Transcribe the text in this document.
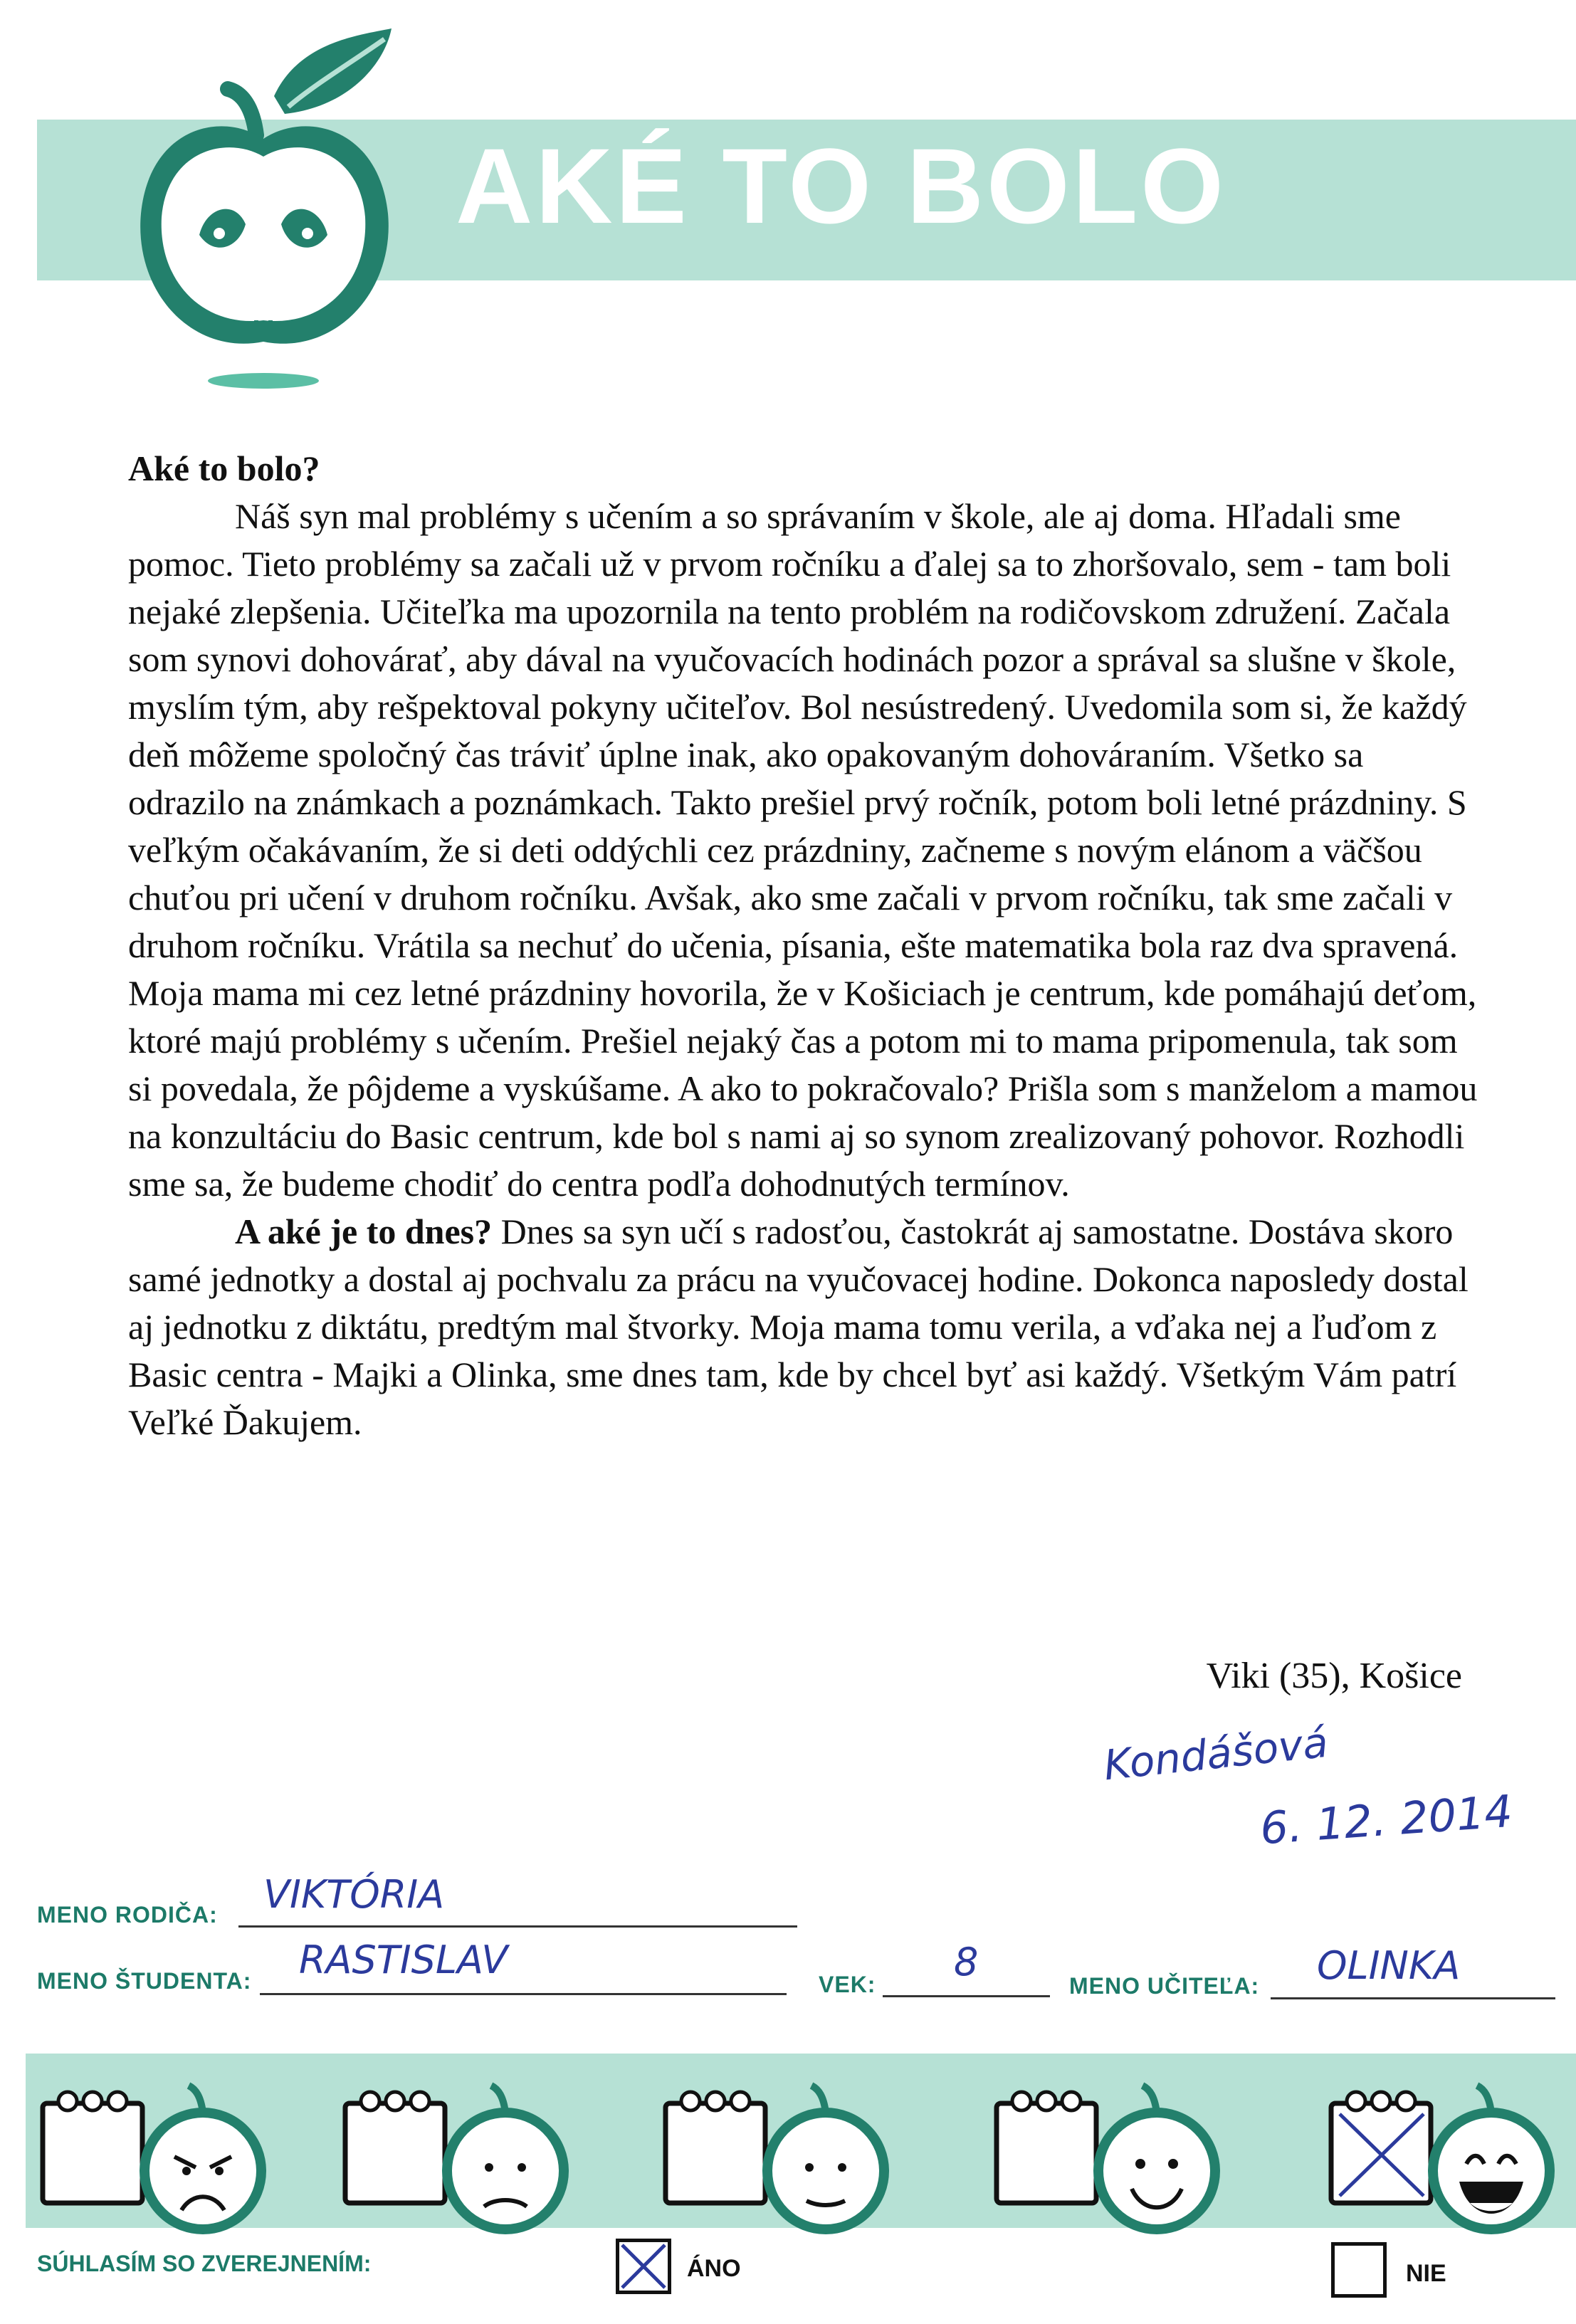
AKÉ TO BOLO
Aké to bolo?

Náš syn mal problémy s učením a so správaním v škole, ale aj doma. Hľadali sme pomoc. Tieto problémy sa začali už v prvom ročníku a ďalej sa to zhoršovalo, sem - tam boli nejaké zlepšenia. Učiteľka ma upozornila na tento problém na rodičovskom združení. Začala som synovi dohovárať, aby dával na vyučovacích hodinách pozor a správal sa slušne v škole, myslím tým, aby rešpektoval pokyny učiteľov. Bol nesústredený. Uvedomila som si, že každý deň môžeme spoločný čas tráviť úplne inak, ako opakovaným dohováraním. Všetko sa odrazilo na známkach a poznámkach. Takto prešiel prvý ročník, potom boli letné prázdniny. S veľkým očakávaním, že si deti oddýchli cez prázdniny, začneme s novým elánom a väčšou chuťou pri učení v druhom ročníku. Avšak, ako sme začali v prvom ročníku, tak sme začali v druhom ročníku. Vrátila sa nechuť do učenia, písania, ešte matematika bola raz dva spravená. Moja mama mi cez letné prázdniny hovorila, že v Košiciach je centrum, kde pomáhajú deťom, ktoré majú problémy s učením. Prešiel nejaký čas a potom mi to mama pripomenula, tak som si povedala, že pôjdeme a vyskúšame. A ako to pokračovalo? Prišla som s manželom a mamou na konzultáciu do Basic centrum, kde bol s nami aj so synom zrealizovaný pohovor. Rozhodli sme sa, že budeme chodiť do centra podľa dohodnutých termínov.

A aké je to dnes? Dnes sa syn učí s radosťou, častokrát aj samostatne. Dostáva skoro samé jednotky a dostal aj pochvalu za prácu na vyučovacej hodine. Dokonca naposledy dostal aj jednotku z diktátu, predtým mal štvorky. Moja mama tomu verila, a vďaka nej a ľuďom z Basic centra - Majki a Olinka, sme dnes tam, kde by chcel byť asi každý. Všetkým Vám patrí Veľké Ďakujem.

Viki (35), Košice
Kondášová
6. 12. 2014
MENO RODIČA: VIKTÓRIA
MENO ŠTUDENTA: RASTISLAV
VEK: 8
MENO UČITEĽA: OLINKA
SÚHLASÍM SO ZVEREJNENÍM:	ÁNO	NIE
